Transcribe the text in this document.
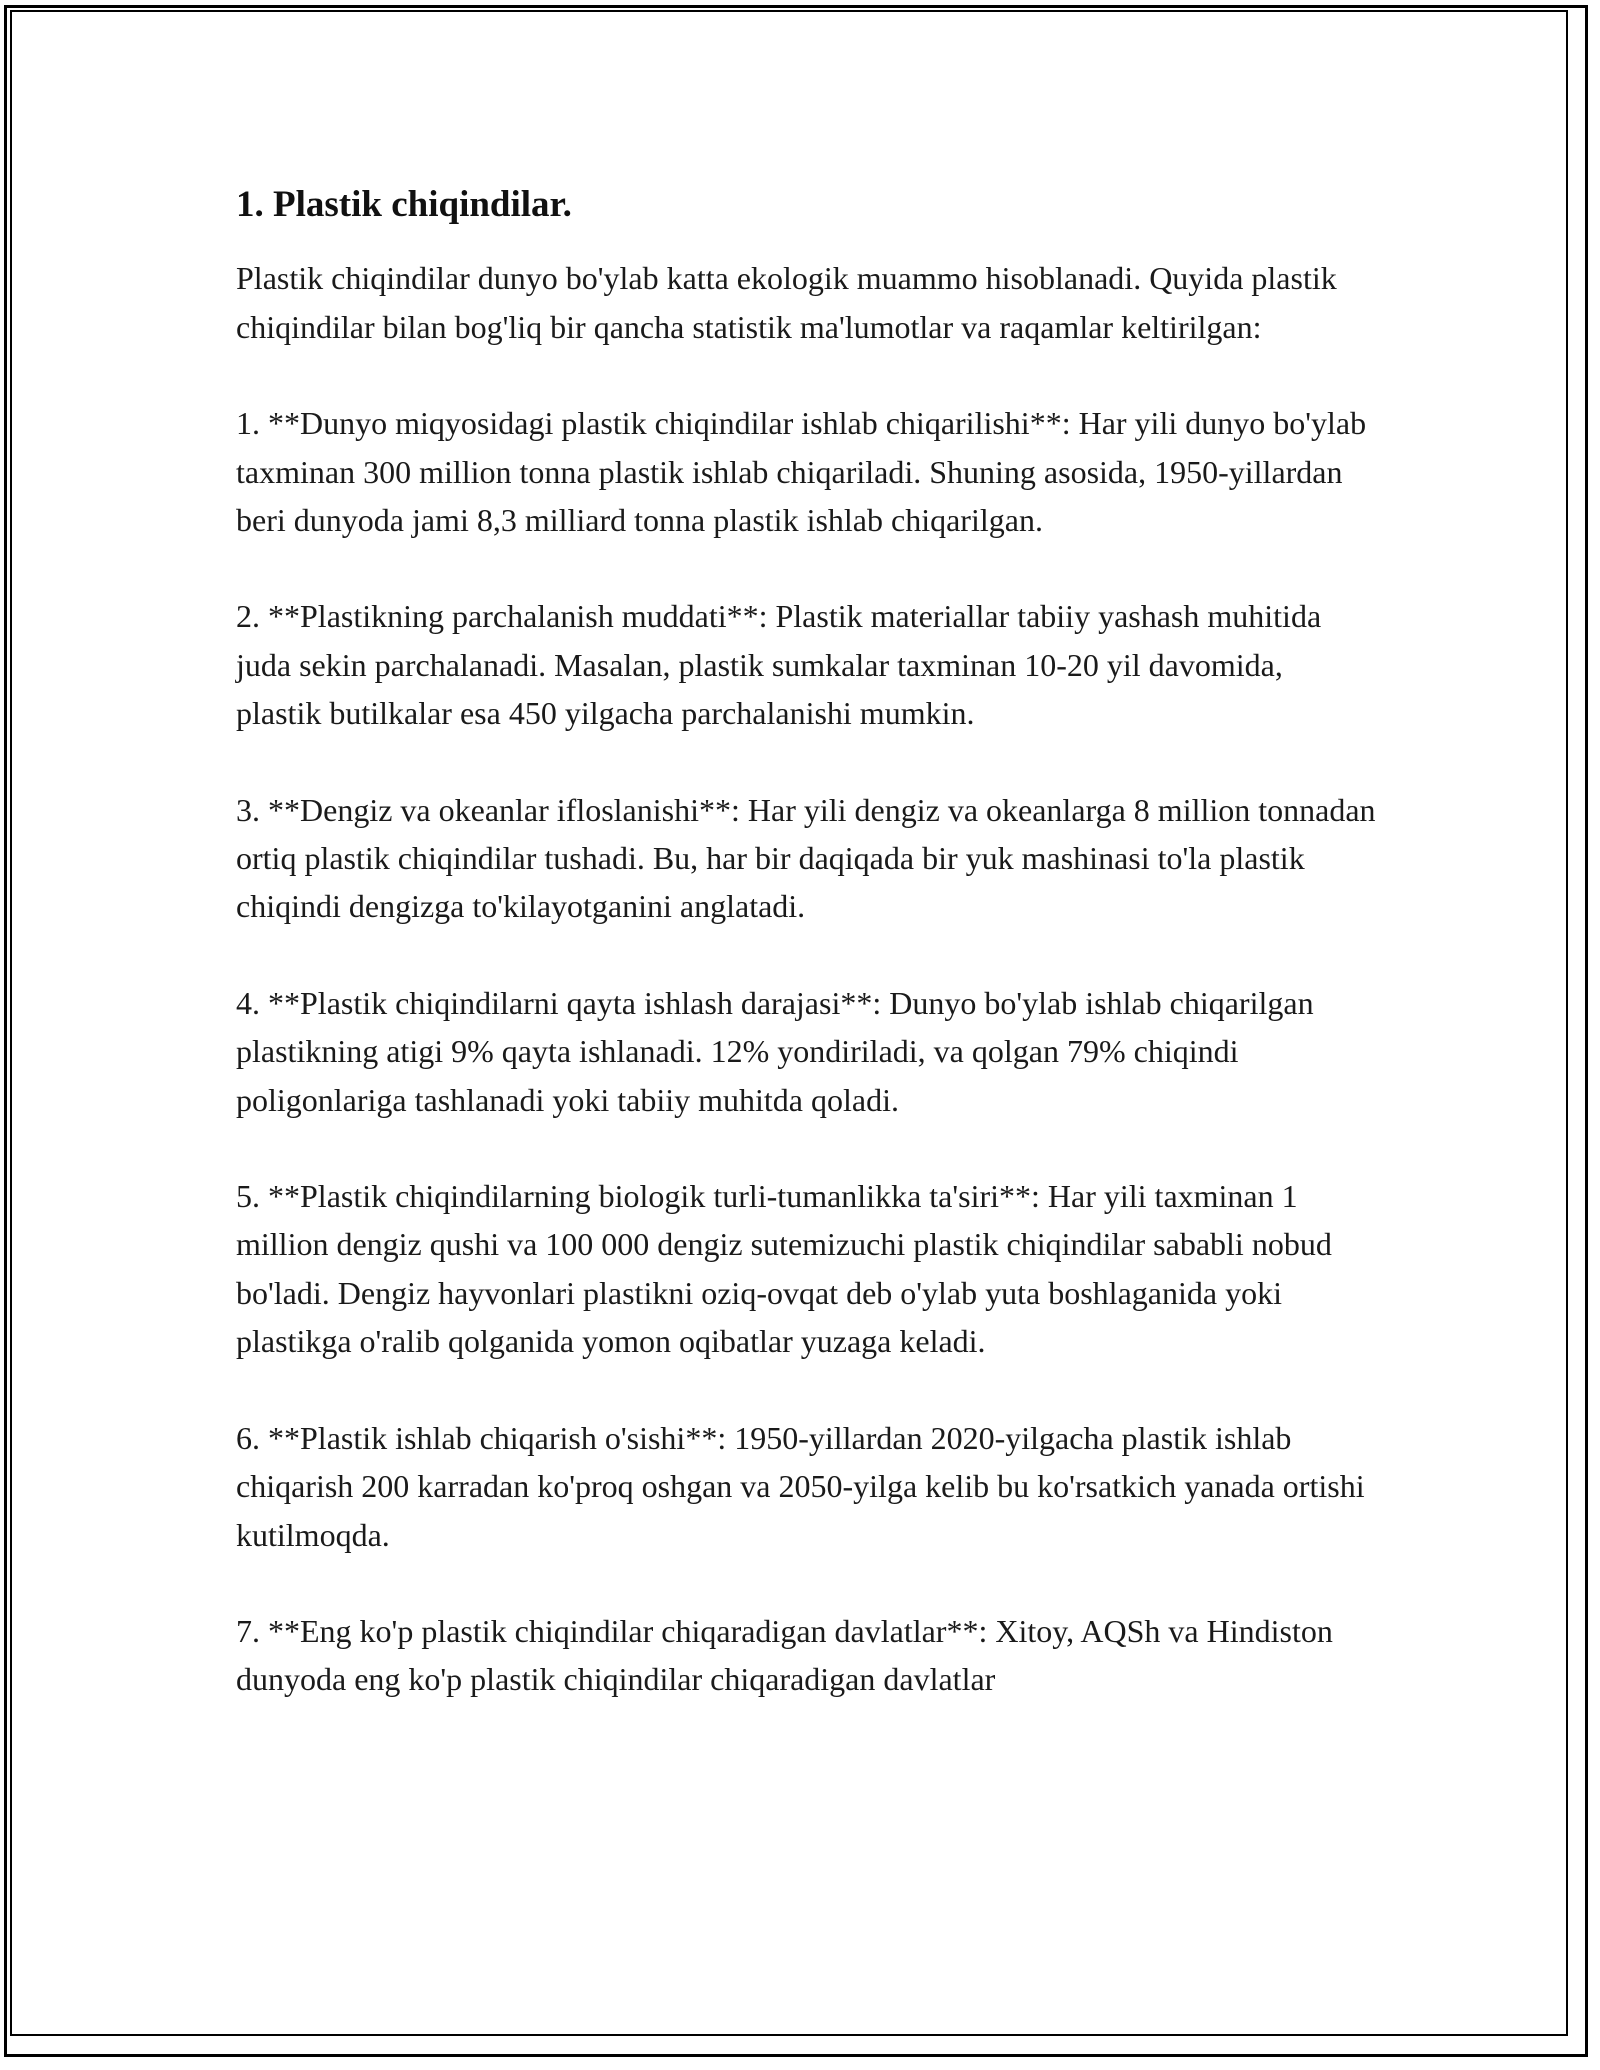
1. Plastik chiqindilar.

Plastik chiqindilar dunyo bo'ylab katta ekologik muammo hisoblanadi. Quyida plastik chiqindilar bilan bog'liq bir qancha statistik ma'lumotlar va raqamlar keltirilgan:

1. **Dunyo miqyosidagi plastik chiqindilar ishlab chiqarilishi**: Har yili dunyo bo'ylab taxminan 300 million tonna plastik ishlab chiqariladi. Shuning asosida, 1950-yillardan beri dunyoda jami 8,3 milliard tonna plastik ishlab chiqarilgan.

2. **Plastikning parchalanish muddati**: Plastik materiallar tabiiy yashash muhitida juda sekin parchalanadi. Masalan, plastik sumkalar taxminan 10-20 yil davomida, plastik butilkalar esa 450 yilgacha parchalanishi mumkin.

3. **Dengiz va okeanlar ifloslanishi**: Har yili dengiz va okeanlarga 8 million tonnadan ortiq plastik chiqindilar tushadi. Bu, har bir daqiqada bir yuk mashinasi to'la plastik chiqindi dengizga to'kilayotganini anglatadi.

4. **Plastik chiqindilarni qayta ishlash darajasi**: Dunyo bo'ylab ishlab chiqarilgan plastikning atigi 9% qayta ishlanadi. 12% yondiriladi, va qolgan 79% chiqindi poligonlariga tashlanadi yoki tabiiy muhitda qoladi.

5. **Plastik chiqindilarning biologik turli-tumanlikka ta'siri**: Har yili taxminan 1 million dengiz qushi va 100 000 dengiz sutemizuchi plastik chiqindilar sababli nobud bo'ladi. Dengiz hayvonlari plastikni oziq-ovqat deb o'ylab yuta boshlaganida yoki plastikga o'ralib qolganida yomon oqibatlar yuzaga keladi.

6. **Plastik ishlab chiqarish o'sishi**: 1950-yillardan 2020-yilgacha plastik ishlab chiqarish 200 karradan ko'proq oshgan va 2050-yilga kelib bu ko'rsatkich yanada ortishi kutilmoqda.

7. **Eng ko'p plastik chiqindilar chiqaradigan davlatlar**: Xitoy, AQSh va Hindiston dunyoda eng ko'p plastik chiqindilar chiqaradigan davlatlar
